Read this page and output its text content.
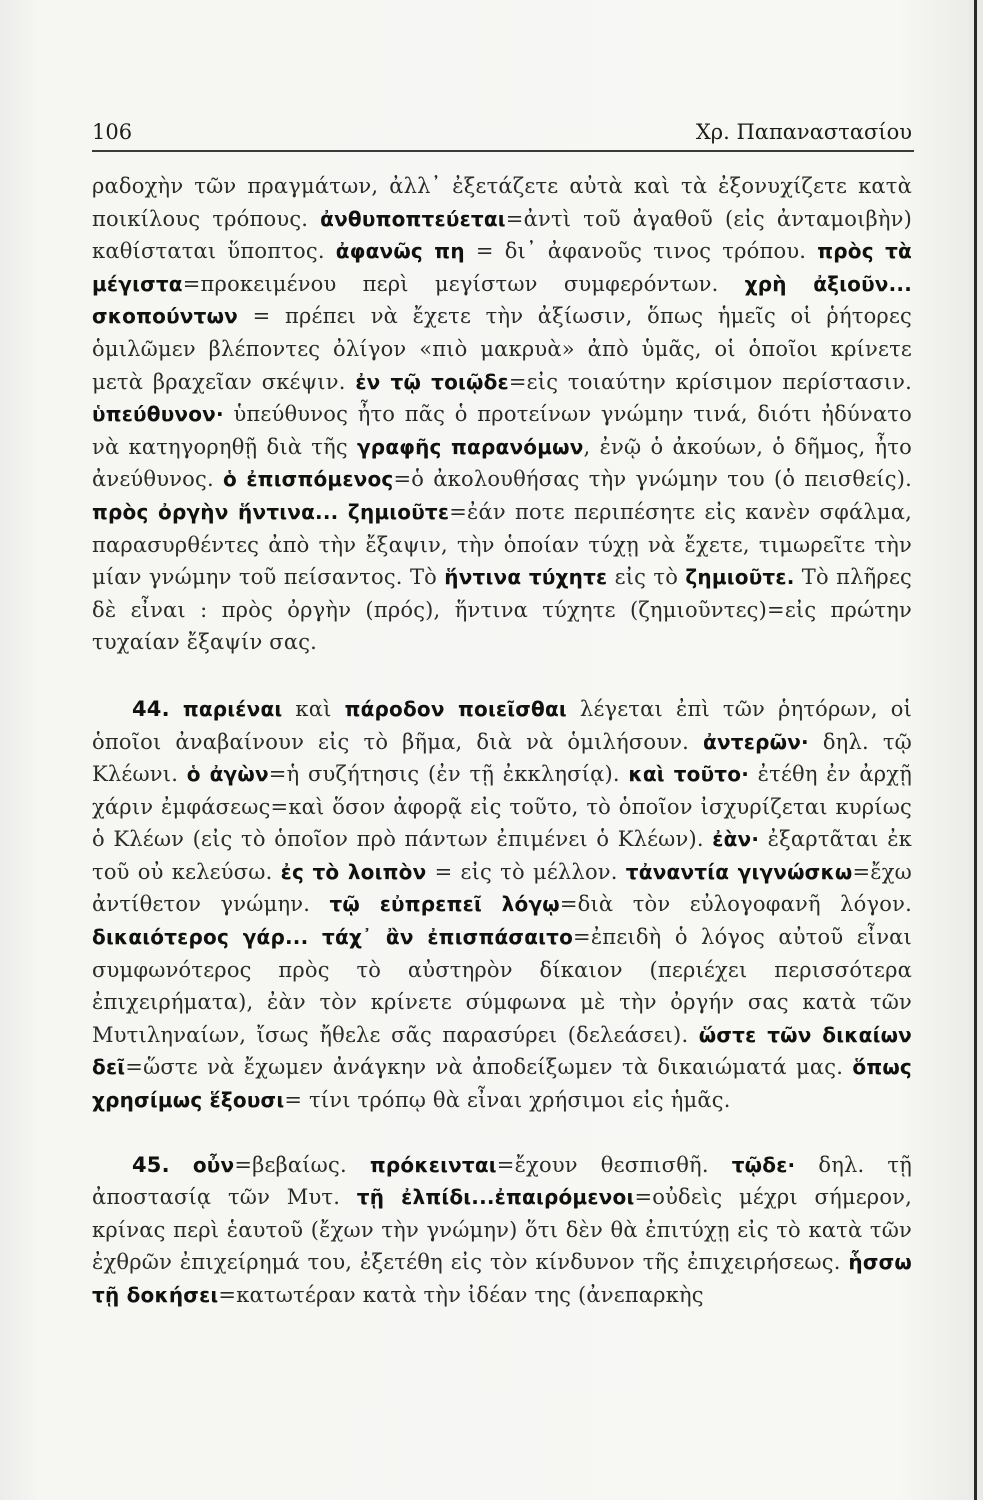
106	Χρ. Παπαναστασίου

ραδοχὴν τῶν πραγμάτων, ἀλλ᾽ ἐξετάζετε αὐτὰ καὶ τὰ ἐξονυχίζετε κατὰ ποικίλους τρόπους. ἀνθυποπτεύεται=ἀντὶ τοῦ ἀγαθοῦ (εἰς ἀνταμοιβὴν) καθίσταται ὕποπτος. ἀφανῶς πη = δι᾽ ἀφανοῦς τινος τρόπου. πρὸς τὰ μέγιστα=προκειμένου περὶ μεγίστων συμφερόντων. χρὴ ἀξιοῦν... σκοπούντων = πρέπει νὰ ἔχετε τὴν ἀξίωσιν, ὅπως ἡμεῖς οἱ ῥήτορες ὁμιλῶμεν βλέποντες ὀλίγον «πιὸ μακρυὰ» ἀπὸ ὑμᾶς, οἱ ὁποῖοι κρίνετε μετὰ βραχεῖαν σκέψιν. ἐν τῷ τοιῷδε=εἰς τοιαύτην κρίσιμον περίστασιν. ὑπεύθυνον· ὑπεύθυνος ἦτο πᾶς ὁ προτείνων γνώμην τινά, διότι ἠδύνατο νὰ κατηγορηθῇ διὰ τῆς γραφῆς παρανόμων, ἐνῷ ὁ ἀκούων, ὁ δῆμος, ἦτο ἀνεύθυνος. ὁ ἐπισπόμενος=ὁ ἀκολουθήσας τὴν γνώμην του (ὁ πεισθείς). πρὸς ὀργὴν ἥντινα... ζημιοῦτε=ἐάν ποτε περιπέσητε εἰς κανὲν σφάλμα, παρασυρθέντες ἀπὸ τὴν ἔξαψιν, τὴν ὁποίαν τύχῃ νὰ ἔχετε, τιμωρεῖτε τὴν μίαν γνώμην τοῦ πείσαντος. Τὸ ἥντινα τύχητε εἰς τὸ ζημιοῦτε. Τὸ πλῆρες δὲ εἶναι : πρὸς ὀργὴν (πρός), ἥντινα τύχητε (ζημιοῦντες)=εἰς πρώτην τυχαίαν ἔξαψίν σας.

44. παριέναι καὶ πάροδον ποιεῖσθαι λέγεται ἐπὶ τῶν ῥητόρων, οἱ ὁποῖοι ἀναβαίνουν εἰς τὸ βῆμα, διὰ νὰ ὁμιλήσουν. ἀντερῶν· δηλ. τῷ Κλέωνι. ὁ ἀγὼν=ἡ συζήτησις (ἐν τῇ ἐκκλησίᾳ). καὶ τοῦτο· ἐτέθη ἐν ἀρχῇ χάριν ἐμφάσεως=καὶ ὅσον ἀφορᾷ εἰς τοῦτο, τὸ ὁποῖον ἰσχυρίζεται κυρίως ὁ Κλέων (εἰς τὸ ὁποῖον πρὸ πάντων ἐπιμένει ὁ Κλέων). ἐὰν· ἐξαρτᾶται ἐκ τοῦ οὐ κελεύσω. ἐς τὸ λοιπὸν = εἰς τὸ μέλλον. τἀναντία γιγνώσκω=ἔχω ἀντίθετον γνώμην. τῷ εὐπρεπεῖ λόγῳ=διὰ τὸν εὐλογοφανῆ λόγον. δικαιότερος γάρ... τάχ᾽ ἂν ἐπισπάσαιτο=ἐπειδὴ ὁ λόγος αὐτοῦ εἶναι συμφωνότερος πρὸς τὸ αὐστηρὸν δίκαιον (περιέχει περισσότερα ἐπιχειρήματα), ἐὰν τὸν κρίνετε σύμφωνα μὲ τὴν ὀργήν σας κατὰ τῶν Μυτιληναίων, ἴσως ἤθελε σᾶς παρασύρει (δελεάσει). ὥστε τῶν δικαίων δεῖ=ὥστε νὰ ἔχωμεν ἀνάγκην νὰ ἀποδείξωμεν τὰ δικαιώματά μας. ὅπως χρησίμως ἕξουσι= τίνι τρόπῳ θὰ εἶναι χρήσιμοι εἰς ἡμᾶς.

45. οὖν=βεβαίως. πρόκεινται=ἔχουν θεσπισθῆ. τῷδε· δηλ. τῇ ἀποστασίᾳ τῶν Μυτ. τῇ ἐλπίδι...ἐπαιρόμενοι=οὐδεὶς μέχρι σήμερον, κρίνας περὶ ἑαυτοῦ (ἔχων τὴν γνώμην) ὅτι δὲν θὰ ἐπιτύχῃ εἰς τὸ κατὰ τῶν ἐχθρῶν ἐπιχείρημά του, ἐξετέθη εἰς τὸν κίνδυνον τῆς ἐπιχειρήσεως. ἧσσω τῇ δοκήσει=κατωτέραν κατὰ τὴν ἰδέαν της (ἀνεπαρκὴς
